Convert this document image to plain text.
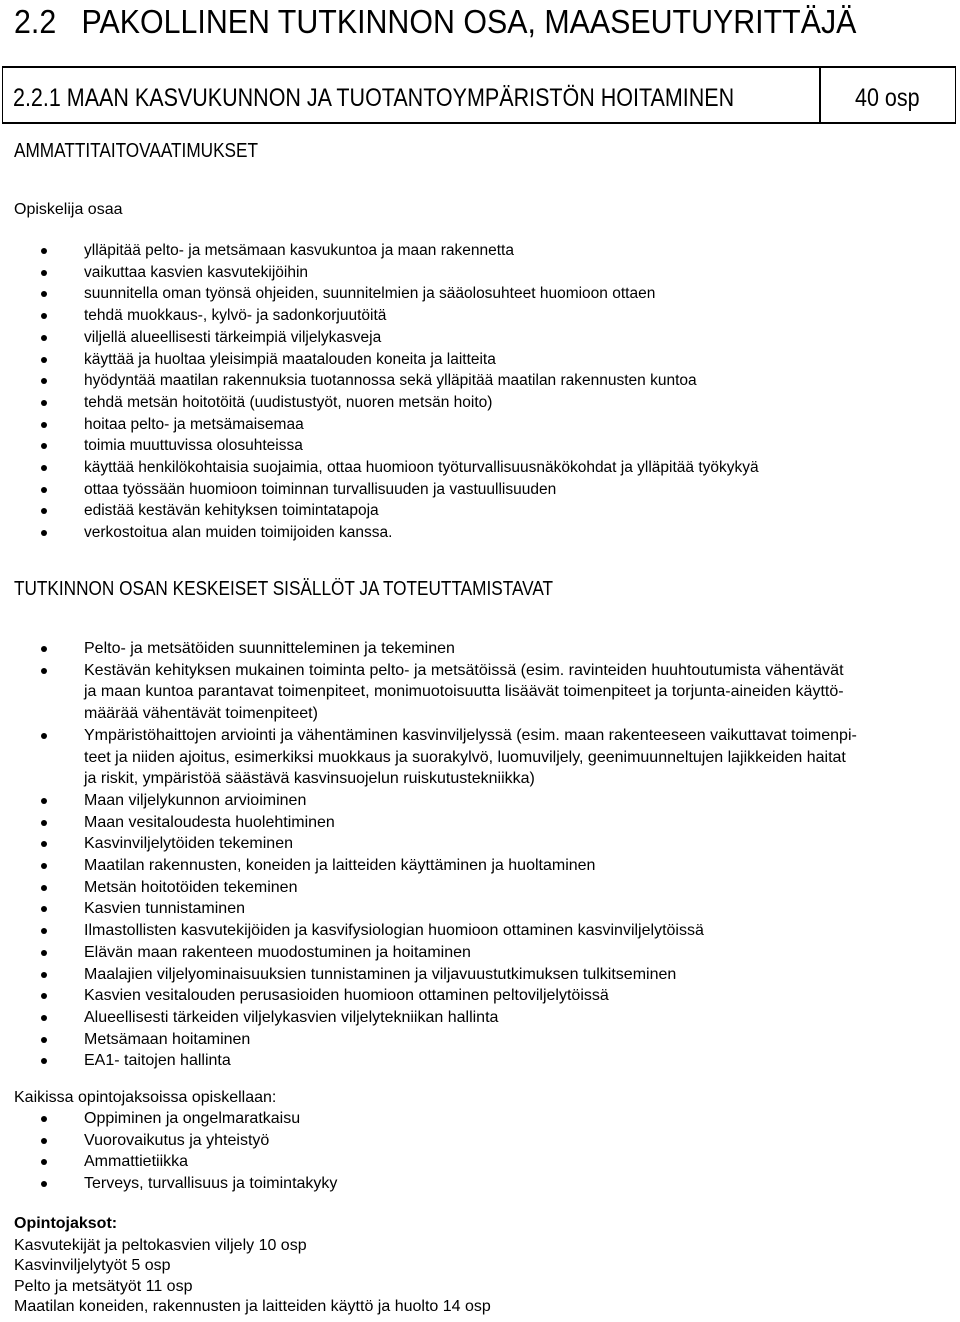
2.2   PAKOLLINEN TUTKINNON OSA, MAASEUTUYRITTÄJÄ
2.2.1 MAAN KASVUKUNNON JA TUOTANTOYMPÄRISTÖN HOITAMINEN	40 osp
AMMATTITAITOVAATIMUKSET
Opiskelija osaa
ylläpitää pelto- ja metsämaan kasvukuntoa ja maan rakennetta
vaikuttaa kasvien kasvutekijöihin
suunnitella oman työnsä ohjeiden, suunnitelmien ja sääolosuhteet huomioon ottaen
tehdä muokkaus-, kylvö- ja sadonkorjuutöitä
viljellä alueellisesti tärkeimpiä viljelykasveja
käyttää ja huoltaa yleisimpiä maatalouden koneita ja laitteita
hyödyntää maatilan rakennuksia tuotannossa sekä ylläpitää maatilan rakennusten kuntoa
tehdä metsän hoitotöitä (uudistustyöt, nuoren metsän hoito)
hoitaa pelto- ja metsämaisemaa
toimia muuttuvissa olosuhteissa
käyttää henkilökohtaisia suojaimia, ottaa huomioon työturvallisuusnäkökohdat ja ylläpitää työkykyä
ottaa työssään huomioon toiminnan turvallisuuden ja vastuullisuuden
edistää kestävän kehityksen toimintatapoja
verkostoitua alan muiden toimijoiden kanssa.
TUTKINNON OSAN KESKEISET SISÄLLÖT JA TOTEUTTAMISTAVAT
Pelto- ja metsätöiden suunnitteleminen ja tekeminen
Kestävän kehityksen mukainen toiminta pelto- ja metsätöissä (esim. ravinteiden huuhtoutumista vähentävät
ja maan kuntoa parantavat toimenpiteet, monimuotoisuutta lisäävät toimenpiteet ja torjunta-aineiden käyttö-
määrää vähentävät toimenpiteet)
Ympäristöhaittojen arviointi ja vähentäminen kasvinviljelyssä (esim. maan rakenteeseen vaikuttavat toimenpi-
teet ja niiden ajoitus, esimerkiksi muokkaus ja suorakylvö, luomuviljely, geenimuunneltujen lajikkeiden haitat
ja riskit, ympäristöä säästävä kasvinsuojelun ruiskutustekniikka)
Maan viljelykunnon arvioiminen
Maan vesitaloudesta huolehtiminen
Kasvinviljelytöiden tekeminen
Maatilan rakennusten, koneiden ja laitteiden käyttäminen ja huoltaminen
Metsän hoitotöiden tekeminen
Kasvien tunnistaminen
Ilmastollisten kasvutekijöiden ja kasvifysiologian huomioon ottaminen kasvinviljelytöissä
Elävän maan rakenteen muodostuminen ja hoitaminen
Maalajien viljelyominaisuuksien tunnistaminen ja viljavuustutkimuksen tulkitseminen
Kasvien vesitalouden perusasioiden huomioon ottaminen peltoviljelytöissä
Alueellisesti tärkeiden viljelykasvien viljelytekniikan hallinta
Metsämaan hoitaminen
EA1- taitojen hallinta
Kaikissa opintojaksoissa opiskellaan:
Oppiminen ja ongelmaratkaisu
Vuorovaikutus ja yhteistyö
Ammattietiikka
Terveys, turvallisuus ja toimintakyky
Opintojaksot:
Kasvutekijät ja peltokasvien viljely 10 osp
Kasvinviljelytyöt 5 osp
Pelto ja metsätyöt 11 osp
Maatilan koneiden, rakennusten ja laitteiden käyttö ja huolto 14 osp
